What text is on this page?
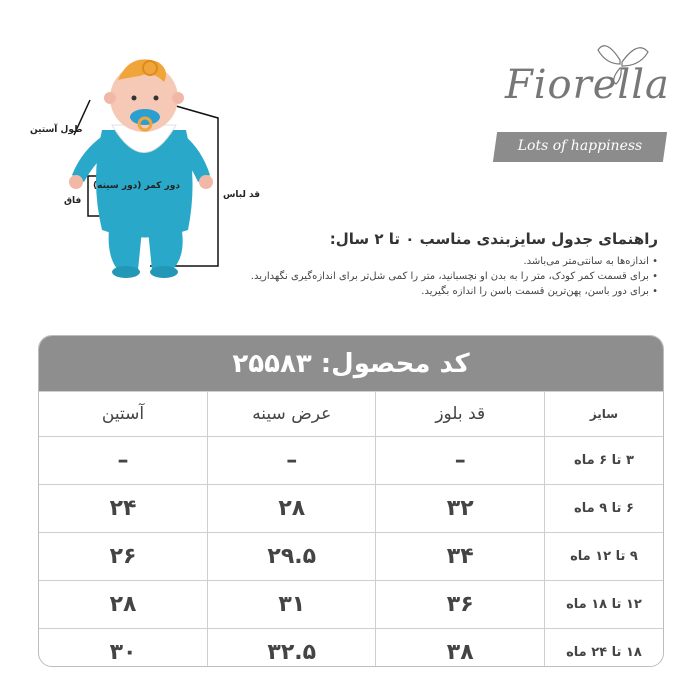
طول آستین
دور کمر (دور سینه)
فاق
قد لباس
Fiorella
Lots of happiness
راهنمای جدول سایزبندی مناسب ۰ تا ۲ سال:
• اندازه‌ها به سانتی‌متر می‌باشد.
• برای قسمت کمر کودک، متر را به بدن او نچسبانید، متر را کمی شل‌تر برای اندازه‌گیری نگهدارید.
• برای دور باسن، پهن‌ترین قسمت باسن را اندازه بگیرید.
کد محصول: ۲۵۵۸۳
سایز	قد بلوز	عرض سینه	آستین
۳ تا ۶ ماه	–	–	–
۶ تا ۹ ماه	۳۲	۲۸	۲۴
۹ تا ۱۲ ماه	۳۴	۲۹.۵	۲۶
۱۲ تا ۱۸ ماه	۳۶	۳۱	۲۸
۱۸ تا ۲۴ ماه	۳۸	۳۲.۵	۳۰
